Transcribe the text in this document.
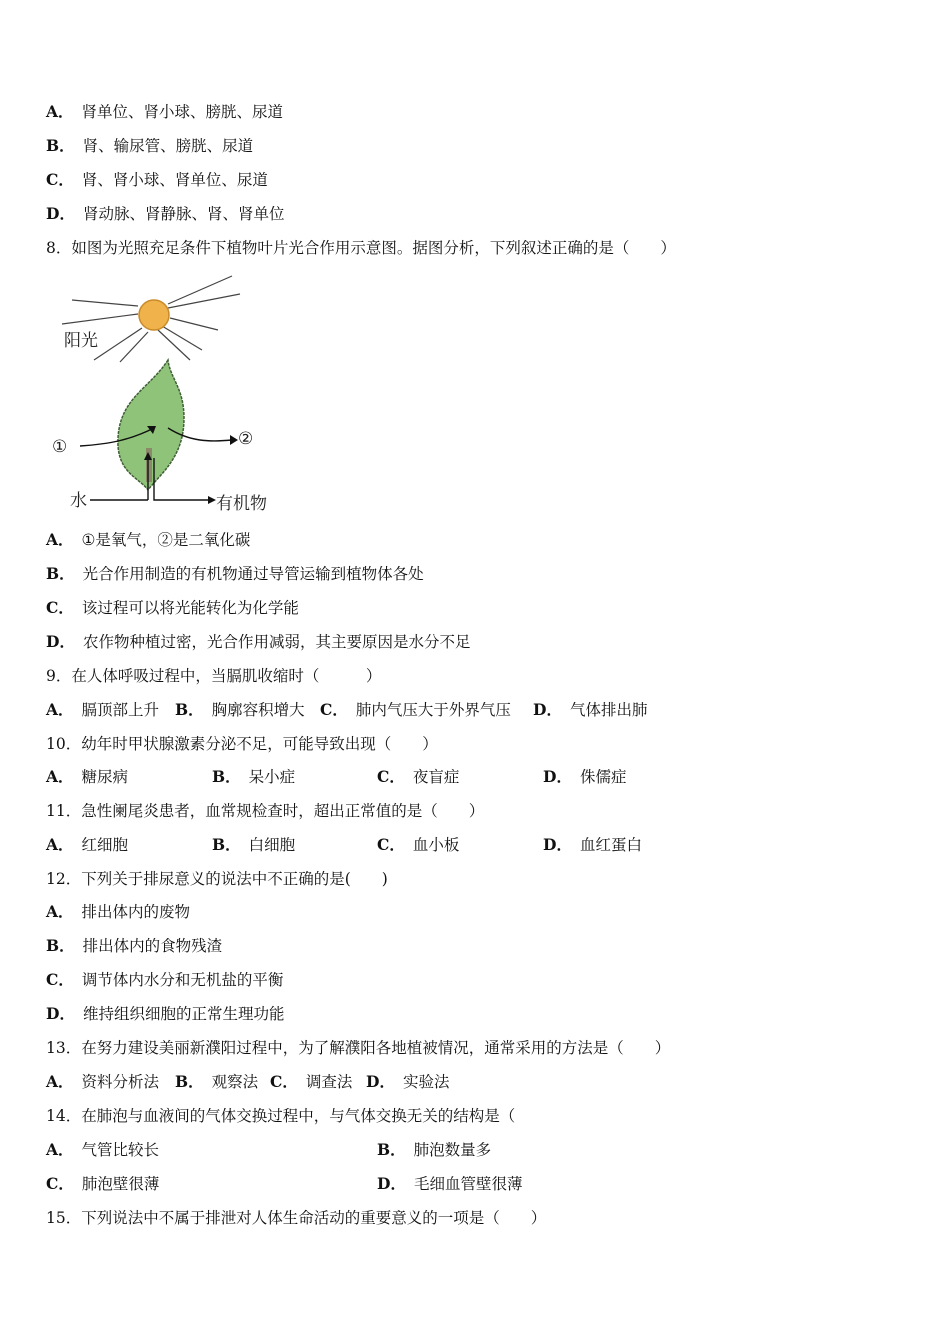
A． 肾单位、肾小球、膀胱、尿道
B． 肾、输尿管、膀胱、尿道
C． 肾、肾小球、肾单位、尿道
D． 肾动脉、肾静脉、肾、肾单位
8．如图为光照充足条件下植物叶片光合作用示意图。据图分析，下列叙述正确的是（　　）
阳光
①	②
水	有机物
A． ①是氧气，②是二氧化碳
B． 光合作用制造的有机物通过导管运输到植物体各处
C． 该过程可以将光能转化为化学能
D． 农作物种植过密，光合作用减弱，其主要原因是水分不足
9．在人体呼吸过程中，当膈肌收缩时（　　　）
A． 膈顶部上升 B． 胸廓容积增大 C． 肺内气压大于外界气压 D． 气体排出肺
10．幼年时甲状腺激素分泌不足，可能导致出现（　　）
A． 糖尿病	B． 呆小症	C． 夜盲症	D． 侏儒症
11．急性阑尾炎患者，血常规检查时，超出正常值的是（　　）
A． 红细胞	B． 白细胞	C． 血小板	D． 血红蛋白
12．下列关于排尿意义的说法中不正确的是(　　)
A． 排出体内的废物
B． 排出体内的食物残渣
C． 调节体内水分和无机盐的平衡
D． 维持组织细胞的正常生理功能
13．在努力建设美丽新濮阳过程中，为了解濮阳各地植被情况，通常采用的方法是（　　）
A． 资料分析法 B． 观察法 C． 调查法 D． 实验法
14．在肺泡与血液间的气体交换过程中，与气体交换无关的结构是（
A． 气管比较长	B． 肺泡数量多
C． 肺泡壁很薄	D． 毛细血管壁很薄
15．下列说法中不属于排泄对人体生命活动的重要意义的一项是（　　）
